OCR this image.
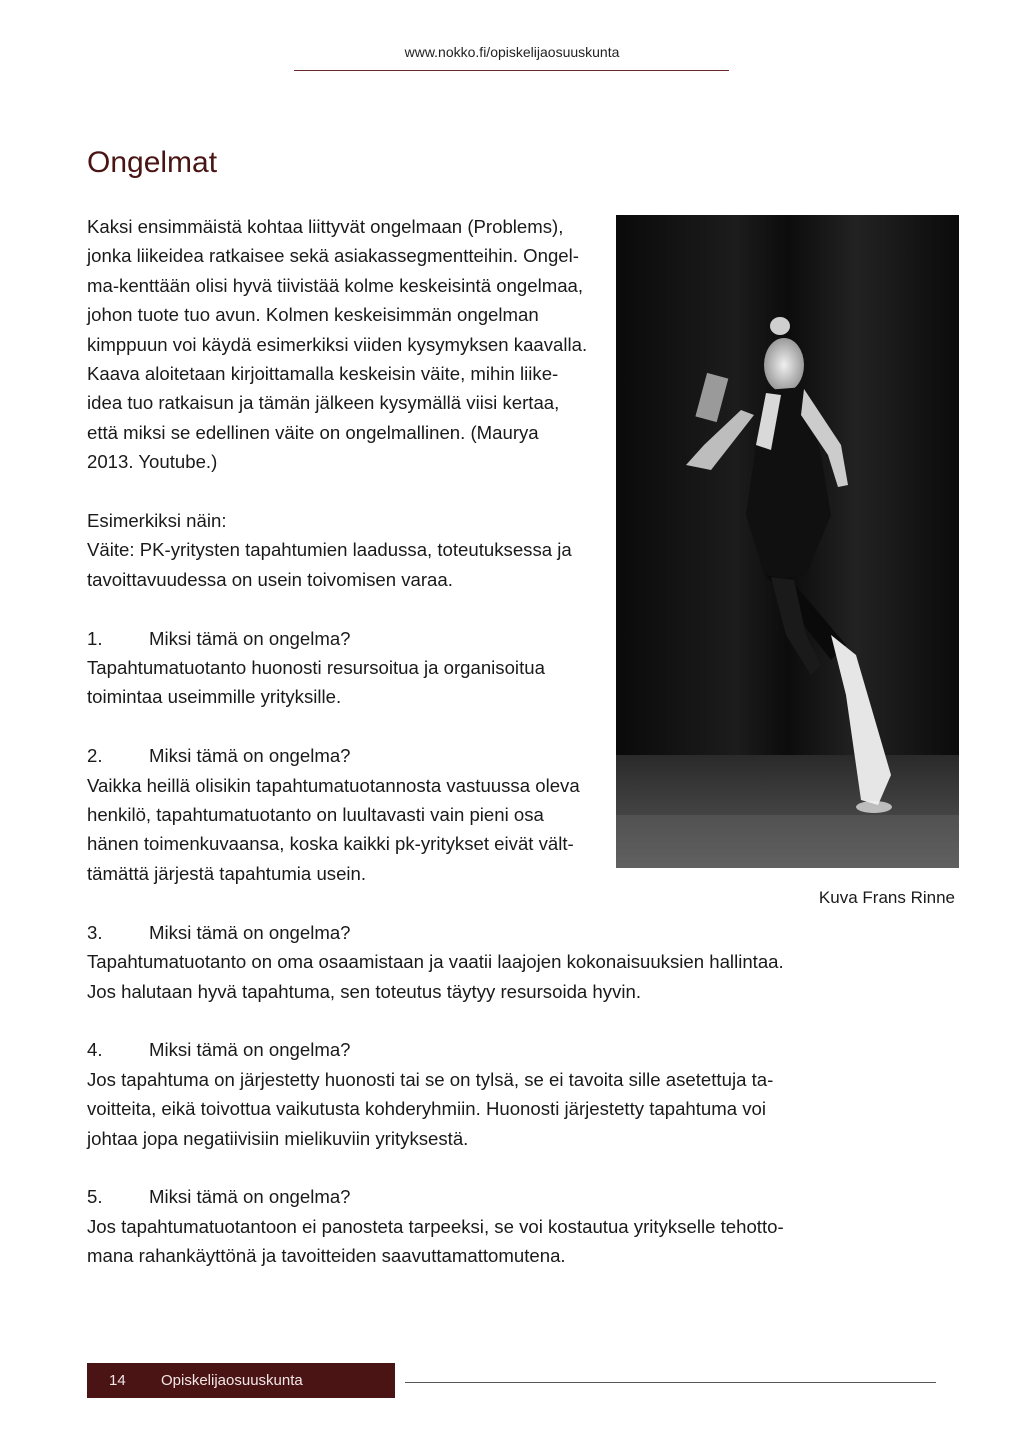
www.nokko.fi/opiskelijaosuuskunta
Ongelmat

Kaksi ensimmäistä kohtaa liittyvät ongelmaan (Problems),

jonka liikeidea ratkaisee sekä asiakassegmentteihin. Ongel-

ma-kenttään olisi hyvä tiivistää kolme keskeisintä ongelmaa,

johon tuote tuo avun. Kolmen keskeisimmän ongelman

kimppuun voi käydä esimerkiksi viiden kysymyksen kaavalla.

Kaava aloitetaan kirjoittamalla keskeisin väite, mihin liike-

idea tuo ratkaisun ja tämän jälkeen kysymällä viisi kertaa,

että miksi se edellinen väite on ongelmallinen. (Maurya

2013. Youtube.)

Esimerkiksi näin:

Väite: PK-yritysten tapahtumien laadussa, toteutuksessa ja

tavoittavuudessa on usein toivomisen varaa.

1. Miksi tämä on ongelma?

Tapahtumatuotanto huonosti resursoitua ja organisoitua

toimintaa useimmille yrityksille.

2. Miksi tämä on ongelma?

Vaikka heillä olisikin tapahtumatuotannosta vastuussa oleva

henkilö, tapahtumatuotanto on luultavasti vain pieni osa

hänen toimenkuvaansa, koska kaikki pk-yritykset eivät vält-

tämättä järjestä tapahtumia usein.

3. Miksi tämä on ongelma?

Tapahtumatuotanto on oma osaamistaan ja vaatii laajojen kokonaisuuksien hallintaa.

Jos halutaan hyvä tapahtuma, sen toteutus täytyy resursoida hyvin.

4. Miksi tämä on ongelma?

Jos tapahtuma on järjestetty huonosti tai se on tylsä, se ei tavoita sille asetettuja ta-

voitteita, eikä toivottua vaikutusta kohderyhmiin. Huonosti järjestetty tapahtuma voi

johtaa jopa negatiivisiin mielikuviin yrityksestä.

5. Miksi tämä on ongelma?

Jos tapahtumatuotantoon ei panosteta tarpeeksi, se voi kostautua yritykselle tehotto-

mana rahankäyttönä ja tavoitteiden saavuttamattomutena.

Kuva Frans Rinne
14	Opiskelijaosuuskunta
